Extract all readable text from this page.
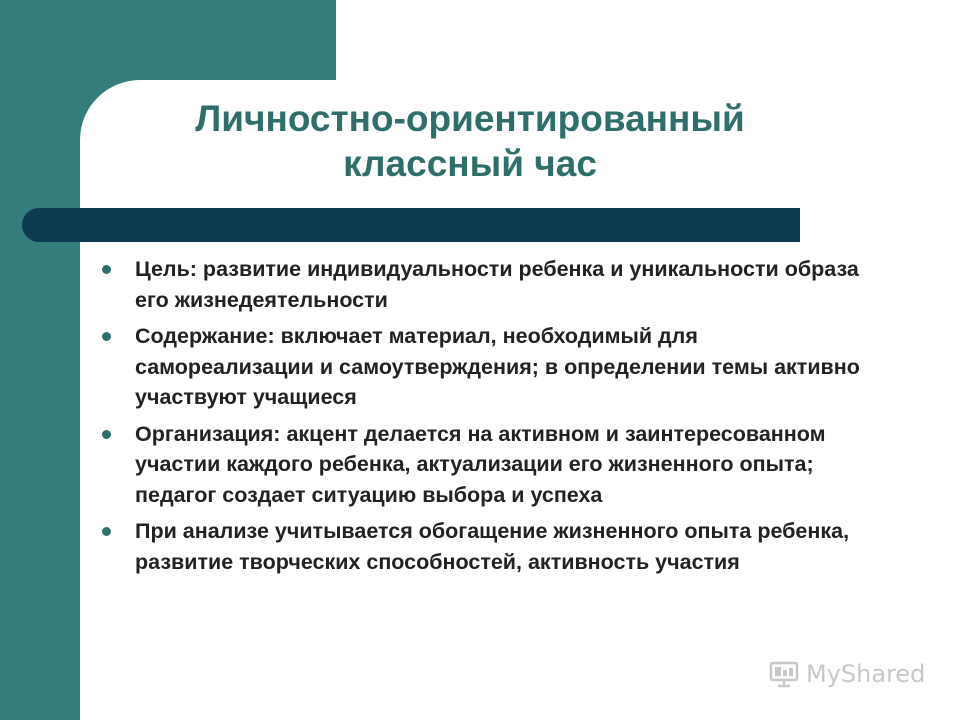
Личностно-ориентированный
классный час
Цель: развитие индивидуальности ребенка и уникальности образа его жизнедеятельности
Содержание: включает материал, необходимый для самореализации и самоутверждения; в определении темы активно участвуют учащиеся
Организация: акцент делается на активном и заинтересованном участии каждого ребенка, актуализации его жизненного опыта; педагог создает ситуацию выбора и успеха
При анализе учитывается обогащение жизненного опыта ребенка, развитие творческих способностей, активность участия
MyShared
